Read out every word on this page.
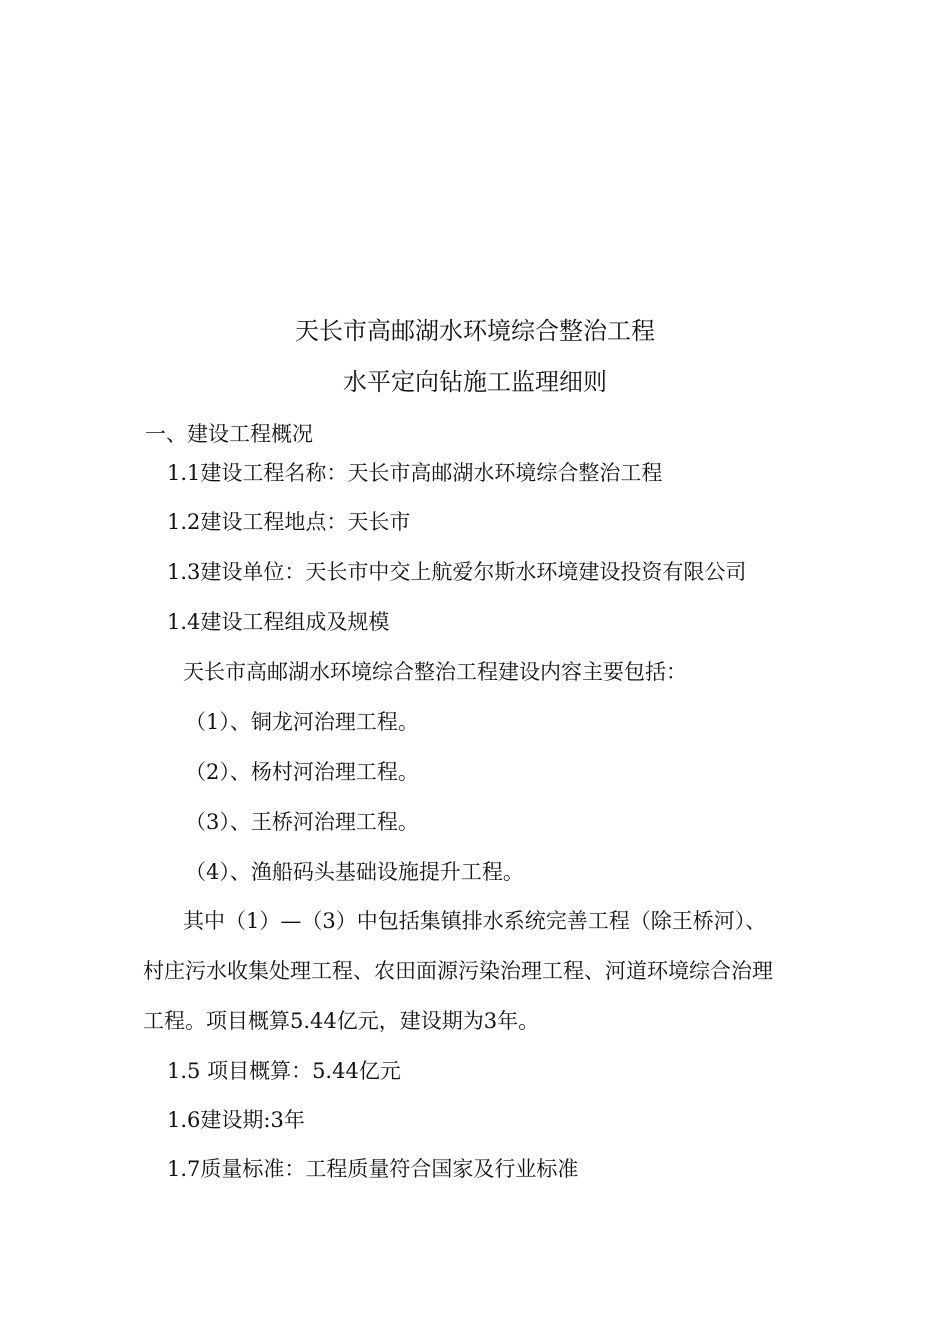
天长市高邮湖水环境综合整治工程
水平定向钻施工监理细则
一、建设工程概况
1.1建设工程名称：天长市高邮湖水环境综合整治工程
1.2建设工程地点：天长市
1.3建设单位：天长市中交上航爱尔斯水环境建设投资有限公司
1.4建设工程组成及规模
天长市高邮湖水环境综合整治工程建设内容主要包括：
（1）、铜龙河治理工程。
（2）、杨村河治理工程。
（3）、王桥河治理工程。
（4）、渔船码头基础设施提升工程。
其中（1）—（3）中包括集镇排水系统完善工程（除王桥河）、
村庄污水收集处理工程、农田面源污染治理工程、河道环境综合治理
工程。项目概算5.44亿元，建设期为3年。
1.5 项目概算：5.44亿元
1.6建设期:3年
1.7质量标准：工程质量符合国家及行业标准
